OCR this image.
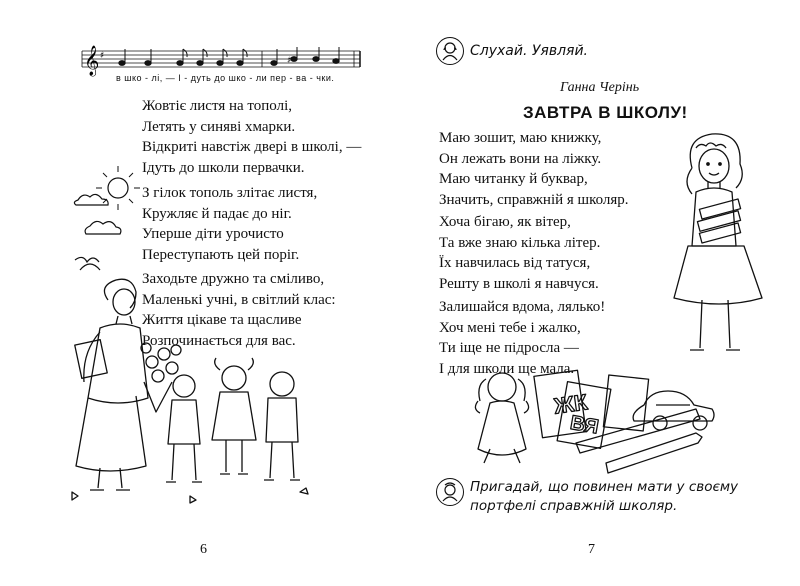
𝄞 ♯	♯
в шко - лі, — І - дуть до шко - ли пер - ва - чки.
Жовтіє листя на тополі,
Летять у синяві хмарки.
Відкриті навстіж двері в школі, —
Ідуть до школи первачки.
З гілок тополь злітає листя,
Кружляє й падає до ніг.
Уперше діти урочисто
Переступають цей поріг.
Заходьте дружно та сміливо,
Маленькі учні, в світлий клас:
Життя цікаве та щасливе
Розпочинається для вас.
6
Слухай. Уявляй.
Ганна Черінь
ЗАВТРА В ШКОЛУ!
Маю зошит, маю книжку,
Он лежать вони на ліжку.
Маю читанку й буквар,
Значить, справжній я школяр.
Хоча бігаю, як вітер,
Та вже знаю кілька літер.
Їх навчилась від татуся,
Решту в школі я навчуся.
Залишайся вдома, лялько!
Хоч мені тебе і жалко,
Ти іще не підросла —
І для школи ще мала.
ЖК
ВЯ
Пригадай, що повинен мати у своєму
портфелі справжній школяр.
7
